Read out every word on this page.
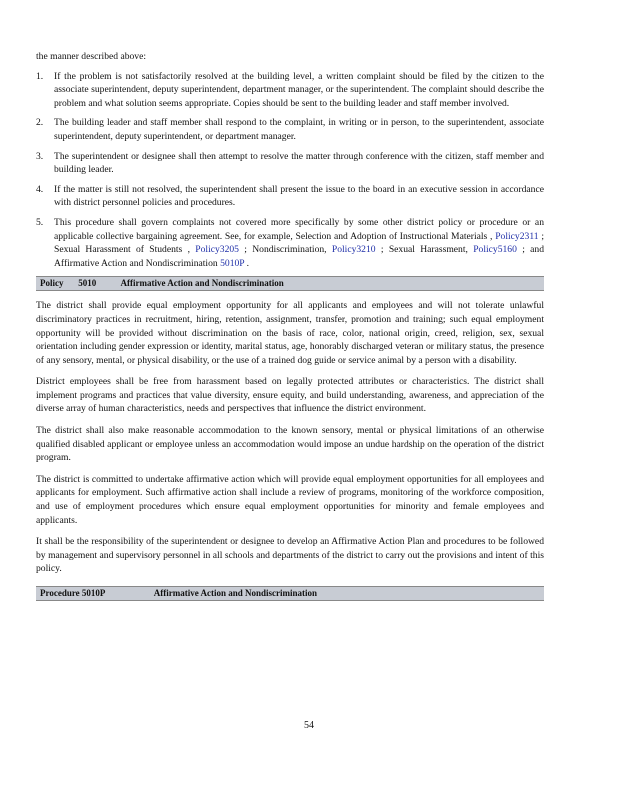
the manner described above:

1. If the problem is not satisfactorily resolved at the building level, a written complaint should be filed by the citizen to the associate superintendent, deputy superintendent, department manager, or the superintendent. The complaint should describe the problem and what solution seems appropriate. Copies should be sent to the building leader and staff member involved.
2. The building leader and staff member shall respond to the complaint, in writing or in person, to the superintendent, associate superintendent, deputy superintendent, or department manager.
3. The superintendent or designee shall then attempt to resolve the matter through conference with the citizen, staff member and building leader.
4. If the matter is still not resolved, the superintendent shall present the issue to the board in an executive session in accordance with district personnel policies and procedures.
5. This procedure shall govern complaints not covered more specifically by some other district policy or procedure or an applicable collective bargaining agreement. See, for example, Selection and Adoption of Instructional Materials , Policy2311 ; Sexual Harassment of Students , Policy3205 ; Nondiscrimination, Policy3210 ; Sexual Harassment, Policy5160 ; and Affirmative Action and Nondiscrimination 5010P .
Policy 5010	Affirmative Action and Nondiscrimination

The district shall provide equal employment opportunity for all applicants and employees and will not tolerate unlawful discriminatory practices in recruitment, hiring, retention, assignment, transfer, promotion and training; such equal employment opportunity will be provided without discrimination on the basis of race, color, national origin, creed, religion, sex, sexual orientation including gender expression or identity, marital status, age, honorably discharged veteran or military status, the presence of any sensory, mental, or physical disability, or the use of a trained dog guide or service animal by a person with a disability.

District employees shall be free from harassment based on legally protected attributes or characteristics. The district shall implement programs and practices that value diversity, ensure equity, and build understanding, awareness, and appreciation of the diverse array of human characteristics, needs and perspectives that influence the district environment.

The district shall also make reasonable accommodation to the known sensory, mental or physical limitations of an otherwise qualified disabled applicant or employee unless an accommodation would impose an undue hardship on the operation of the district program.

The district is committed to undertake affirmative action which will provide equal employment opportunities for all employees and applicants for employment. Such affirmative action shall include a review of programs, monitoring of the workforce composition, and use of employment procedures which ensure equal employment opportunities for minority and female employees and applicants.

It shall be the responsibility of the superintendent or designee to develop an Affirmative Action Plan and procedures to be followed by management and supervisory personnel in all schools and departments of the district to carry out the provisions and intent of this policy.

Procedure 5010P	Affirmative Action and Nondiscrimination
54
